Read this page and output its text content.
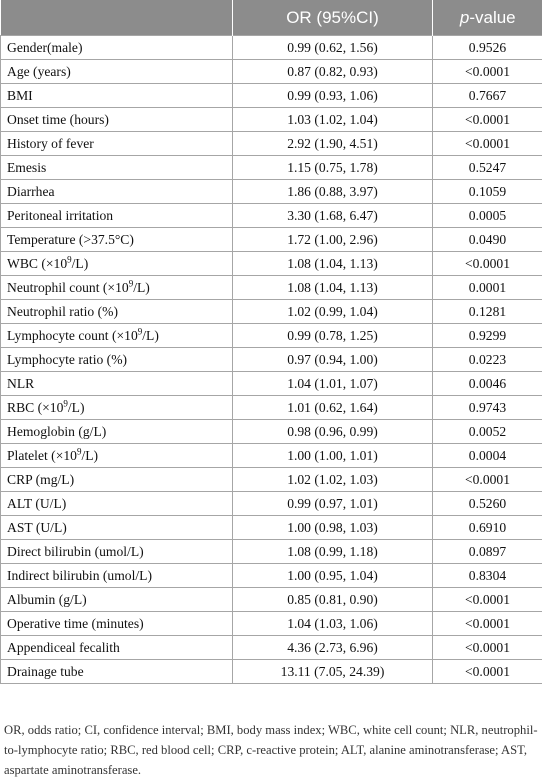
	OR (95%CI)	p-value
Gender(male)	0.99 (0.62, 1.56)	0.9526
Age (years)	0.87 (0.82, 0.93)	<0.0001
BMI	0.99 (0.93, 1.06)	0.7667
Onset time (hours)	1.03 (1.02, 1.04)	<0.0001
History of fever	2.92 (1.90, 4.51)	<0.0001
Emesis	1.15 (0.75, 1.78)	0.5247
Diarrhea	1.86 (0.88, 3.97)	0.1059
Peritoneal irritation	3.30 (1.68, 6.47)	0.0005
Temperature (>37.5°C)	1.72 (1.00, 2.96)	0.0490
WBC $(\times 10^9/L)$	1.08 (1.04, 1.13)	<0.0001
Neutrophil count $(\times 10^9/L)$	1.08 (1.04, 1.13)	0.0001
Neutrophil ratio (%)	1.02 (0.99, 1.04)	0.1281
Lymphocyte count $(\times 10^9/L)$	0.99 (0.78, 1.25)	0.9299
Lymphocyte ratio (%)	0.97 (0.94, 1.00)	0.0223
NLR	1.04 (1.01, 1.07)	0.0046
RBC $(\times 10^9/L)$	1.01 (0.62, 1.64)	0.9743
Hemoglobin (g/L)	0.98 (0.96, 0.99)	0.0052
Platelet $(\times 10^9/L)$	1.00 (1.00, 1.01)	0.0004
CRP (mg/L)	1.02 (1.02, 1.03)	<0.0001
ALT (U/L)	0.99 (0.97, 1.01)	0.5260
AST (U/L)	1.00 (0.98, 1.03)	0.6910
Direct bilirubin (umol/L)	1.08 (0.99, 1.18)	0.0897
Indirect bilirubin (umol/L)	1.00 (0.95, 1.04)	0.8304
Albumin (g/L)	0.85 (0.81, 0.90)	<0.0001
Operative time (minutes)	1.04 (1.03, 1.06)	<0.0001
Appendiceal fecalith	4.36 (2.73, 6.96)	<0.0001
Drainage tube	13.11 (7.05, 24.39)	<0.0001
OR, odds ratio; CI, confidence interval; BMI, body mass index; WBC, white cell count; NLR, neutrophil-to-lymphocyte ratio; RBC, red blood cell; CRP, c-reactive protein; ALT, alanine aminotransferase; AST, aspartate aminotransferase.
